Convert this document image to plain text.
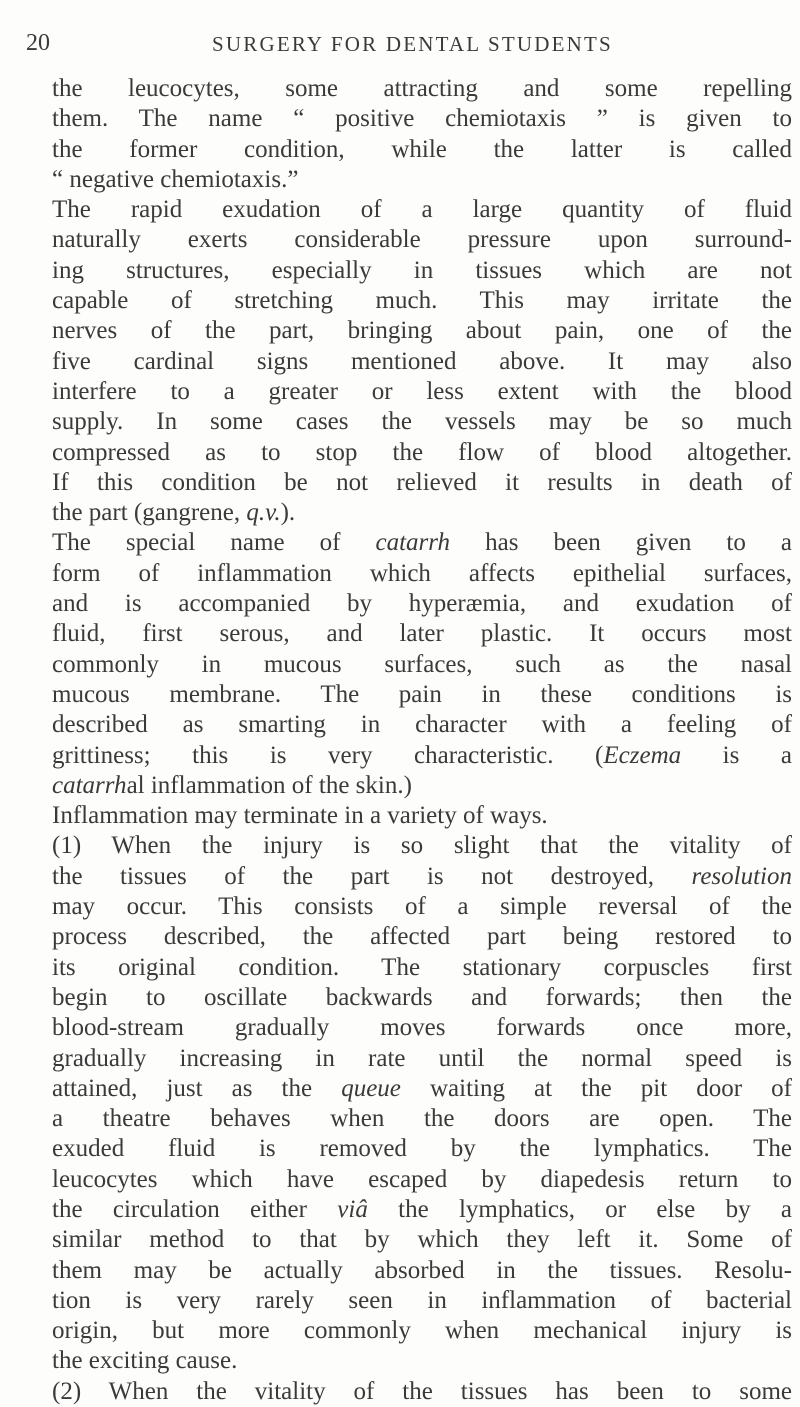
20	SURGERY FOR DENTAL STUDENTS
the leucocytes, some attracting and some repelling
them. The name “ positive chemiotaxis ” is given to
the former condition, while the latter is called
“ negative chemiotaxis.”
The rapid exudation of a large quantity of fluid
naturally exerts considerable pressure upon surround-
ing structures, especially in tissues which are not
capable of stretching much. This may irritate the
nerves of the part, bringing about pain, one of the
five cardinal signs mentioned above. It may also
interfere to a greater or less extent with the blood
supply. In some cases the vessels may be so much
compressed as to stop the flow of blood altogether.
If this condition be not relieved it results in death of
the part (gangrene, q.v.).
The special name of catarrh has been given to a
form of inflammation which affects epithelial surfaces,
and is accompanied by hyperæmia, and exudation of
fluid, first serous, and later plastic. It occurs most
commonly in mucous surfaces, such as the nasal
mucous membrane. The pain in these conditions is
described as smarting in character with a feeling of
grittiness; this is very characteristic. (Eczema is a
catarrhal inflammation of the skin.)
Inflammation may terminate in a variety of ways.
(1) When the injury is so slight that the vitality of
the tissues of the part is not destroyed, resolution
may occur. This consists of a simple reversal of the
process described, the affected part being restored to
its original condition. The stationary corpuscles first
begin to oscillate backwards and forwards; then the
blood-stream gradually moves forwards once more,
gradually increasing in rate until the normal speed is
attained, just as the queue waiting at the pit door of
a theatre behaves when the doors are open. The
exuded fluid is removed by the lymphatics. The
leucocytes which have escaped by diapedesis return to
the circulation either viâ the lymphatics, or else by a
similar method to that by which they left it. Some of
them may be actually absorbed in the tissues. Resolu-
tion is very rarely seen in inflammation of bacterial
origin, but more commonly when mechanical injury is
the exciting cause.
(2) When the vitality of the tissues has been to some
